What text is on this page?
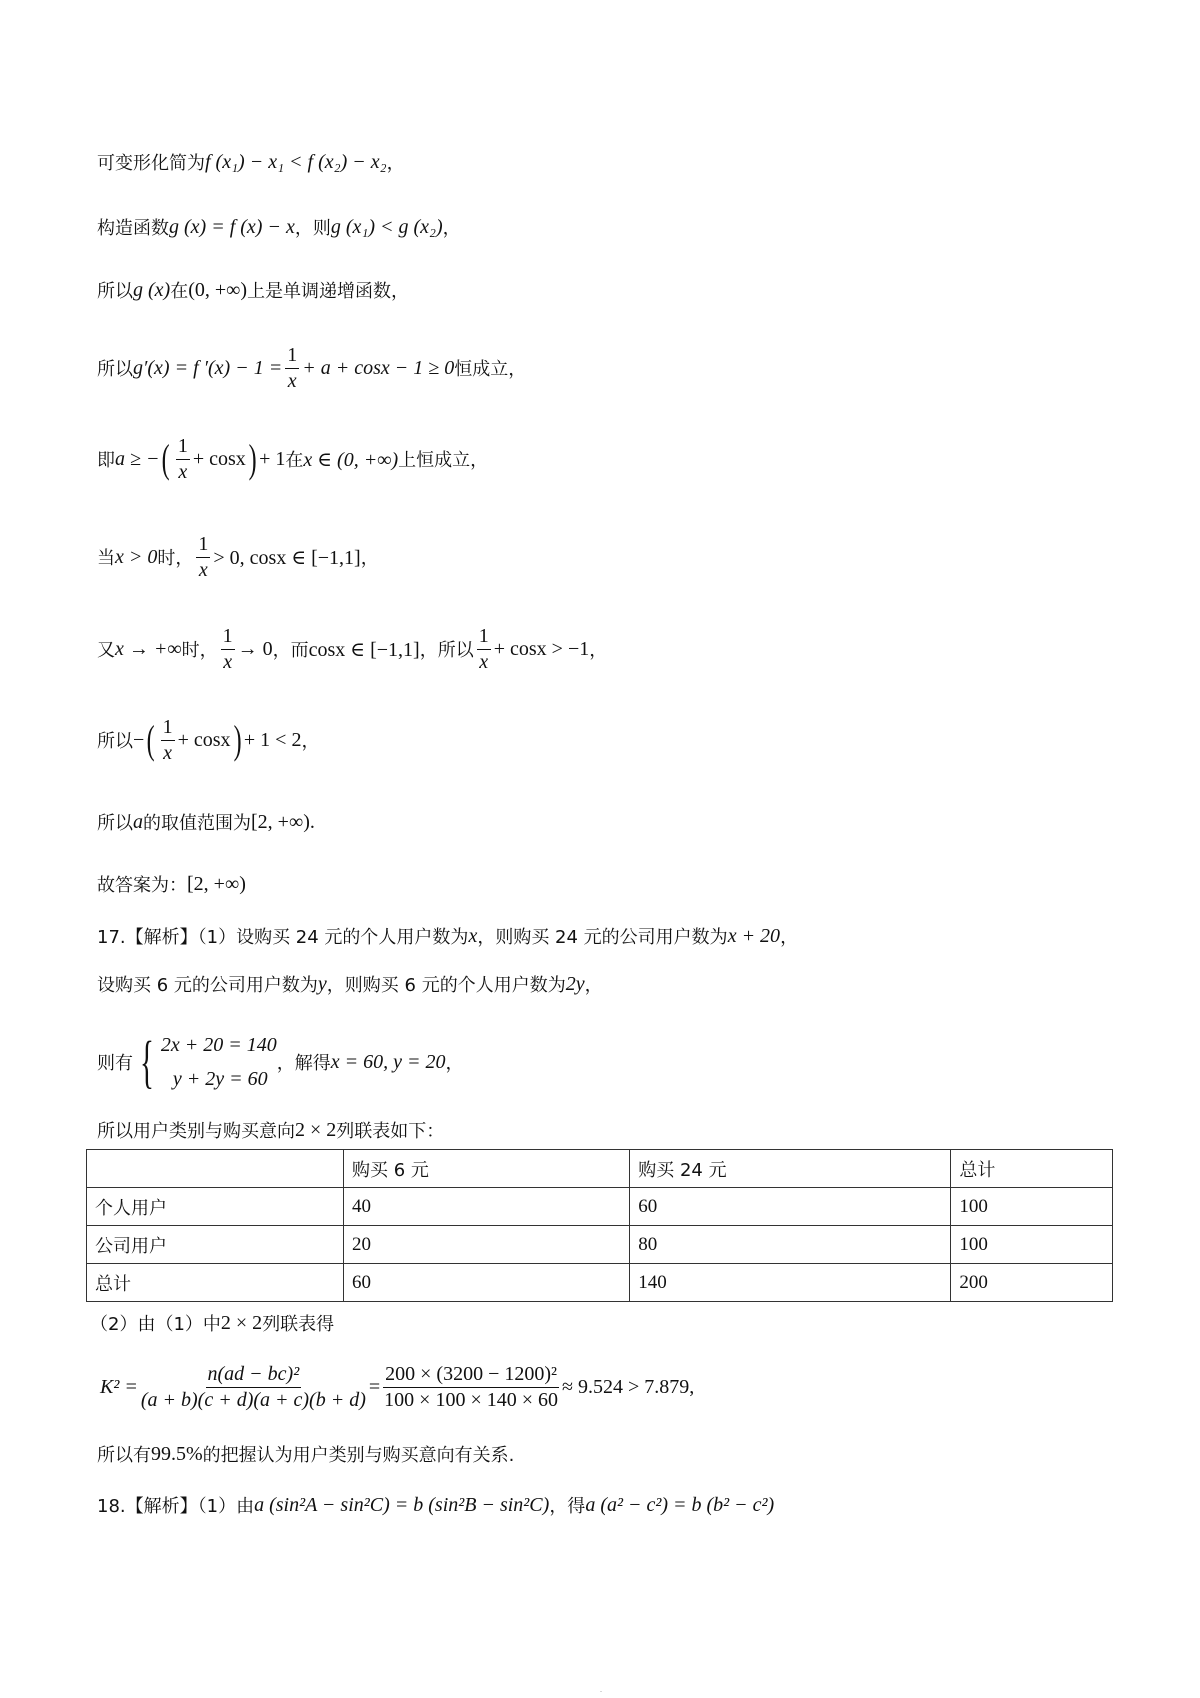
可变形化简为 f (x₁) − x₁ < f (x₂) − x₂ ，
构造函数 g (x) = f (x) − x ，则 g (x₁) < g (x₂) ，
所以 g (x) 在 (0, +∞) 上是单调递增函数，
所以 g′(x) = f $'(x) - 1 = \frac{1}{x} + a + \cos x - 1 \ge 0$ 恒成立，
即 a ≥ − ( $\frac{1}{x} + \cos x$ ) + 1 在 x ∈ (0, +∞) 上恒成立，
当 x > 0 时， $\frac{1}{x} > 0$, cosx ∈ [−1,1] ，
又 x → +∞ 时， $\frac{1}{x} \to 0$ ，而 cosx ∈ [−1,1] ，所以 $\frac{1}{x} + \cos x > -1$ ，
所以 − ( $\frac{1}{x} + \cos x$ ) + 1 < 2 ，
所以 a 的取值范围为 [2, +∞) .
故答案为： [2, +∞)
17.【解析】（1）设购买 24 元的个人用户数为 x ，则购买 24 元的公司用户数为 x + 20 ，
设购买 6 元的公司用户数为 y ，则购买 6 元的个人用户数为 2y ，
则有 { 2x + 20 = 140
y + 2y = 60
，解得 x = 60, y = 20 ，
所以用户类别与购买意向 2 × 2 列联表如下：
	购买 6 元	购买 24 元	总计
个人用户	40	60	100
公司用户	20	80	100
总计	60	140	200
（2）由（1）中 2 × 2 列联表得
$K^2 = \frac{\text{n(ad − bc)²}}{(a + b)(c + d)(a + c)(b + d)} = \frac{\text{200 × (3200 − 1200)²}}{100 \times 100 \times 140 \times 60} \approx 9.524 > 7.879$,
所以有 99.5% 的把握认为用户类别与购买意向有关系.
18.【解析】（1）由 a (sin²A − sin²C) = b (sin²B − sin²C) ，得 a (a² − c²) = b (b² − c²)
.
